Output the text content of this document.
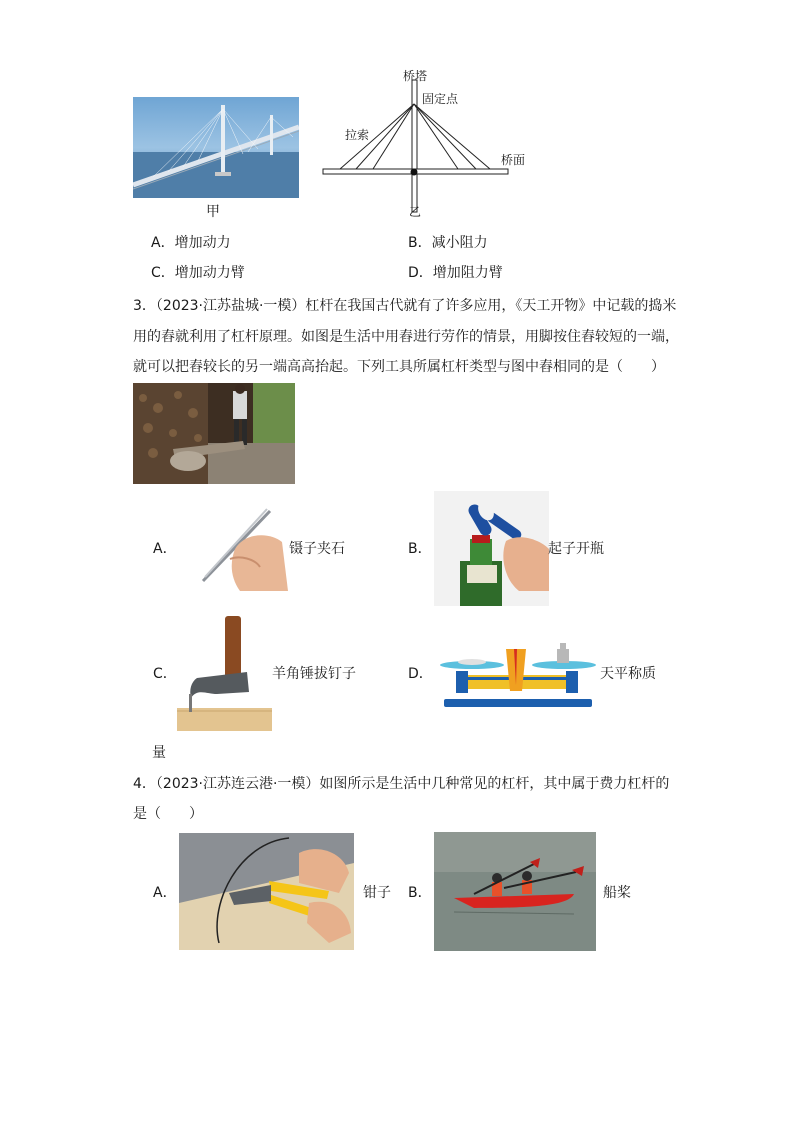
甲
桥塔
固定点
拉索
桥面
乙
A．增加动力	B．减小阻力
C．增加动力臂	D．增加阻力臂
3．（2023·江苏盐城·一模）杠杆在我国古代就有了许多应用，《天工开物》中记载的捣米
用的舂就利用了杠杆原理。如图是生活中用舂进行劳作的情景，用脚按住舂较短的一端，
就可以把舂较长的另一端高高抬起。下列工具所属杠杆类型与图中舂相同的是（　　）
A．	镊子夹石	B．	起子开瓶
C．	羊角锤拔钉子	D．	天平称质
量
4．（2023·江苏连云港·一模）如图所示是生活中几种常见的杠杆，其中属于费力杠杆的
是（　　）
A．	钳子 B．	船桨
